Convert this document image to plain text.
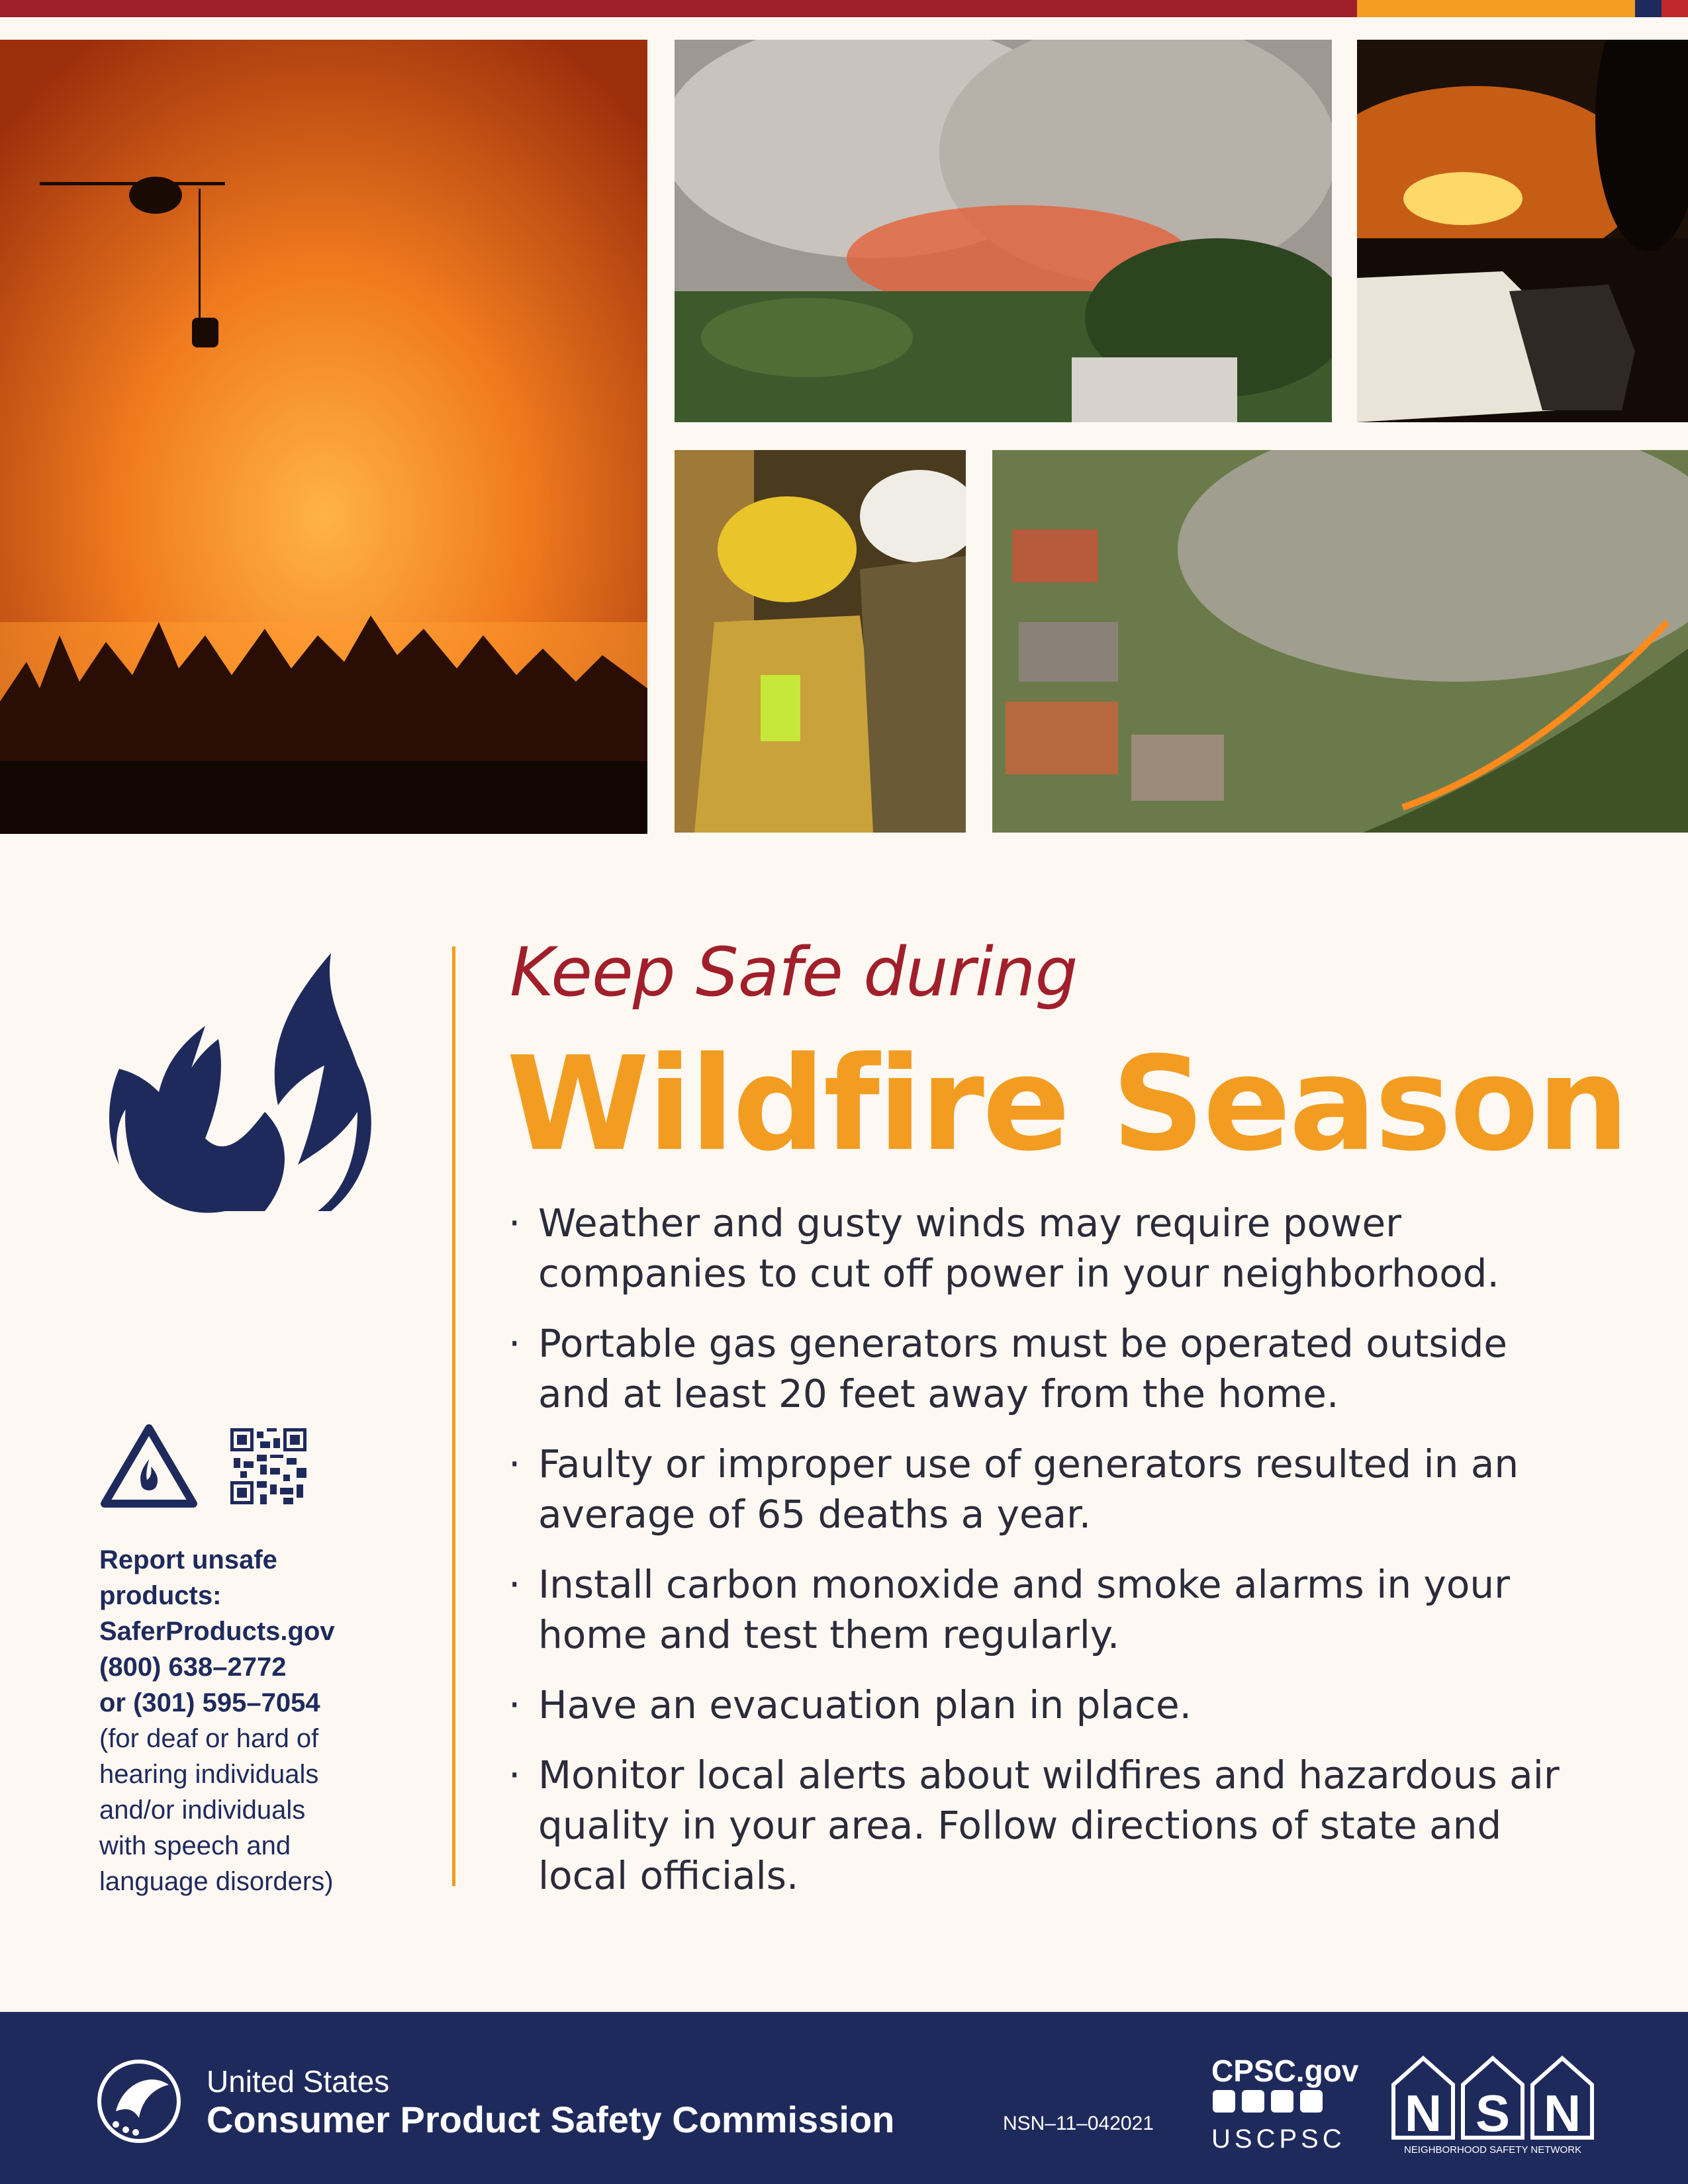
Keep Safe during
Wildfire Season
· Weather and gusty winds may require power companies to cut off power in your neighborhood.
· Portable gas generators must be operated outside and at least 20 feet away from the home.
· Faulty or improper use of generators resulted in an average of 65 deaths a year.
· Install carbon monoxide and smoke alarms in your home and test them regularly.
· Have an evacuation plan in place.
· Monitor local alerts about wildfires and hazardous air quality in your area. Follow directions of state and local officials.
Report unsafe
products:
SaferProducts.gov
(800) 638–2772
or (301) 595–7054
(for deaf or hard of
hearing individuals
and/or individuals
with speech and
language disorders)
United States
Consumer Product Safety Commission	NSN–11–042021
CPSC.gov
USCPSC N S N
NEIGHBORHOOD SAFETY NETWORK
